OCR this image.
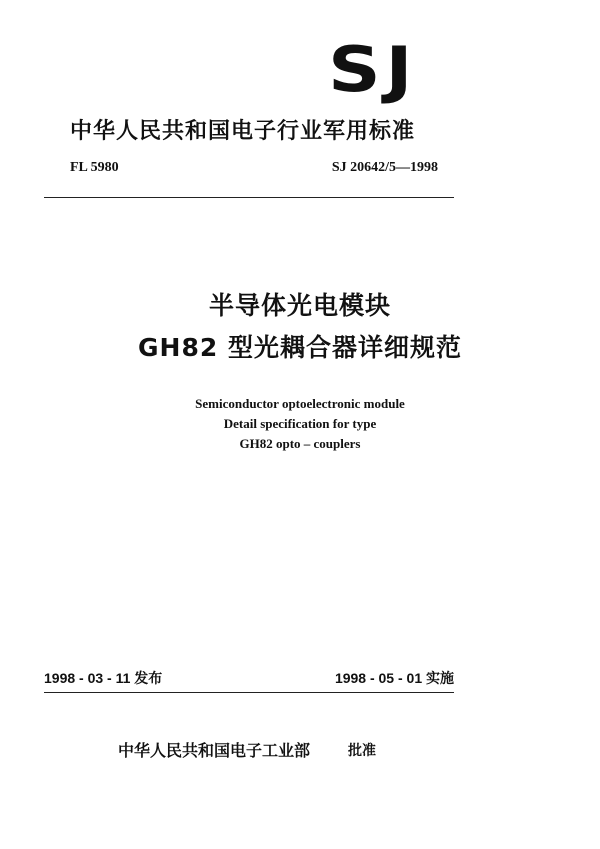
SJ
中华人民共和国电子行业军用标准
FL 5980	SJ 20642/5—1998
半导体光电模块
GH82 型光耦合器详细规范
Semiconductor optoelectronic module
Detail specification for type
GH82 opto – couplers
1998 - 03 - 11 发布	1998 - 05 - 01 实施
中华人民共和国电子工业部	批准
